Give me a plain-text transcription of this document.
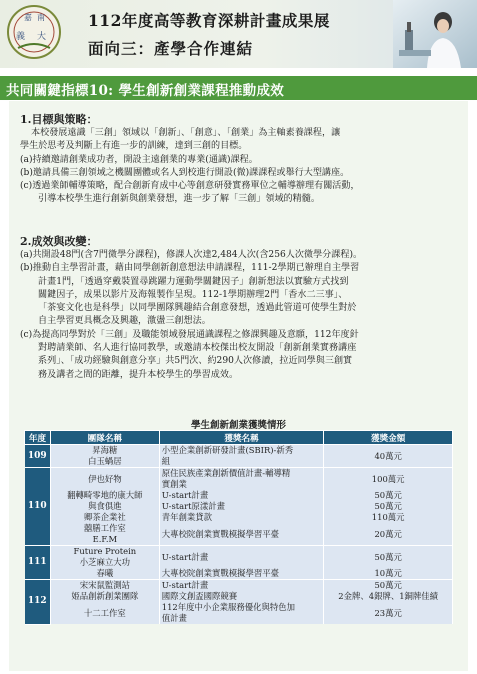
嘉 南
義 大
112年度高等教育深耕計畫成果展
面向三：產學合作連結
共同關鍵指標10: 學生創新創業課程推動成效
1.目標與策略：

本校發展遠識「三創」領域以「創新」、「創意」、「創業」為主軸素養課程，讓

學生於思考及判斷上有進一步的訓練，達到三創的目標。

(a)持續邀請創業成功者，開設主遠創業的專業(通識)課程。

(b)邀請具備三創領域之機關團體或名人到校進行開設(微)課課程或舉行大型講座。

(c)透過業師輔導策略，配合創新育成中心等創意研發實務單位之輔導辦理有關活動，

引導本校學生進行創新與創業發想，進一步了解「三創」領域的精髓。

2.成效與改變：

(a)共開設48門(含7門微學分課程)，修課人次達2,484人次(含256人次微學分課程)。

(b)推動自主學習計畫，藉由同學創新創意想法申請課程，111-2學期已辦理自主學習

計畫1門，「透過穿戴裝置尋跳躍力運動學關鍵因子」創新想法以實驗方式找到

關鍵因子，成果以影片及海報製作呈現。112-1學期辦理2門「香水二三事」、

「茶宴文化也是科學」以同學團隊興趣結合創意發想，透過此管道可使學生對於

自主學習更具概念及興趣，激盪三創想法。

(c)為提高同學對於「三創」及職能領域發展通識課程之修課興趣及意願，112年度針

對聘請業師、名人進行協同教學，或邀請本校傑出校友開設「創新創業實務講座

系列」、「成功經驗與創意分享」共5門次、約290人次修讀，拉近同學與三創實

務及講者之間的距離，提升本校學生的學習成效。

學生創新創業獲獎情形
年度	團隊名稱	獲獎名稱	獲獎金額
109	昇海糖
白玉蝸居	小型企業創新研發計畫(SBIR)-新秀
組	40萬元
110	伊也好物	原住民族產業創新價值計畫-輔導精
實創業	100萬元
	翻轉畸零地的康大師	U-start計畫	50萬元
	與食俱進	U-start原漾計畫	50萬元
	卿茶企業社	青年創業貸款	110萬元
	囍膳工作室
E.F.M	大專校院創業實戰模擬學習平臺	20萬元
111	Future Protein
小芝麻立大功	U-start計畫	50萬元
	春曦	大專校院創業實戰模擬學習平臺	10萬元
112	宋宋鼠監測站	U-start計畫	50萬元
	姫品創新創業團隊	國際文創盃國際競賽	2金牌、4銀牌、1銅牌佳績
	十二工作室	112年度中小企業服務優化與特色加
值計畫	23萬元
